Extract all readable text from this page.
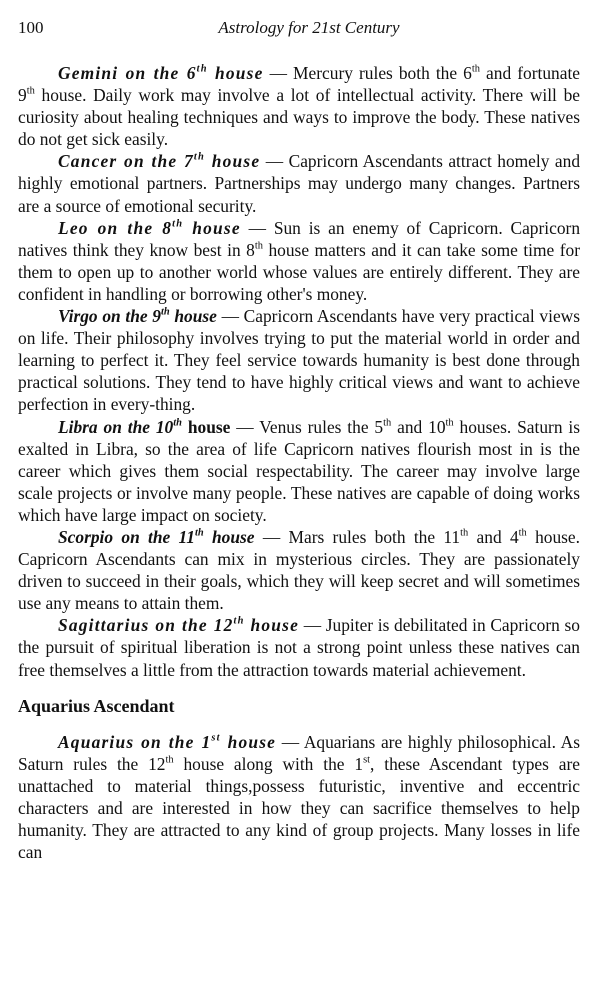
100	Astrology for 21st Century

Gemini on the 6th house — Mercury rules both the 6th and fortunate 9th house. Daily work may involve a lot of intellectual activity. There will be curiosity about healing techniques and ways to improve the body. These natives do not get sick easily.

Cancer on the 7th house — Capricorn Ascendants attract homely and highly emotional partners. Partnerships may undergo many changes. Partners are a source of emotional security.

Leo on the 8th house — Sun is an enemy of Capricorn. Capricorn natives think they know best in 8th house matters and it can take some time for them to open up to another world whose values are entirely different. They are confident in handling or borrowing other's money.

Virgo on the 9th house — Capricorn Ascendants have very practical views on life. Their philosophy involves trying to put the material world in order and learning to perfect it. They feel service towards humanity is best done through practical solutions. They tend to have highly critical views and want to achieve perfection in every-thing.

Libra on the 10th house — Venus rules the 5th and 10th houses. Saturn is exalted in Libra, so the area of life Capricorn natives flourish most in is the career which gives them social respectability. The career may involve large scale projects or involve many people. These natives are capable of doing works which have large impact on society.

Scorpio on the 11th house — Mars rules both the 11th and 4th house. Capricorn Ascendants can mix in mysterious circles. They are passionately driven to succeed in their goals, which they will keep secret and will sometimes use any means to attain them.

Sagittarius on the 12th house — Jupiter is debilitated in Capricorn so the pursuit of spiritual liberation is not a strong point unless these natives can free themselves a little from the attraction towards material achievement.

Aquarius Ascendant

Aquarius on the 1st house — Aquarians are highly philosophical. As Saturn rules the 12th house along with the 1st, these Ascendant types are unattached to material things,possess futuristic, inventive and eccentric characters and are interested in how they can sacrifice themselves to help humanity. They are attracted to any kind of group projects. Many losses in life can
